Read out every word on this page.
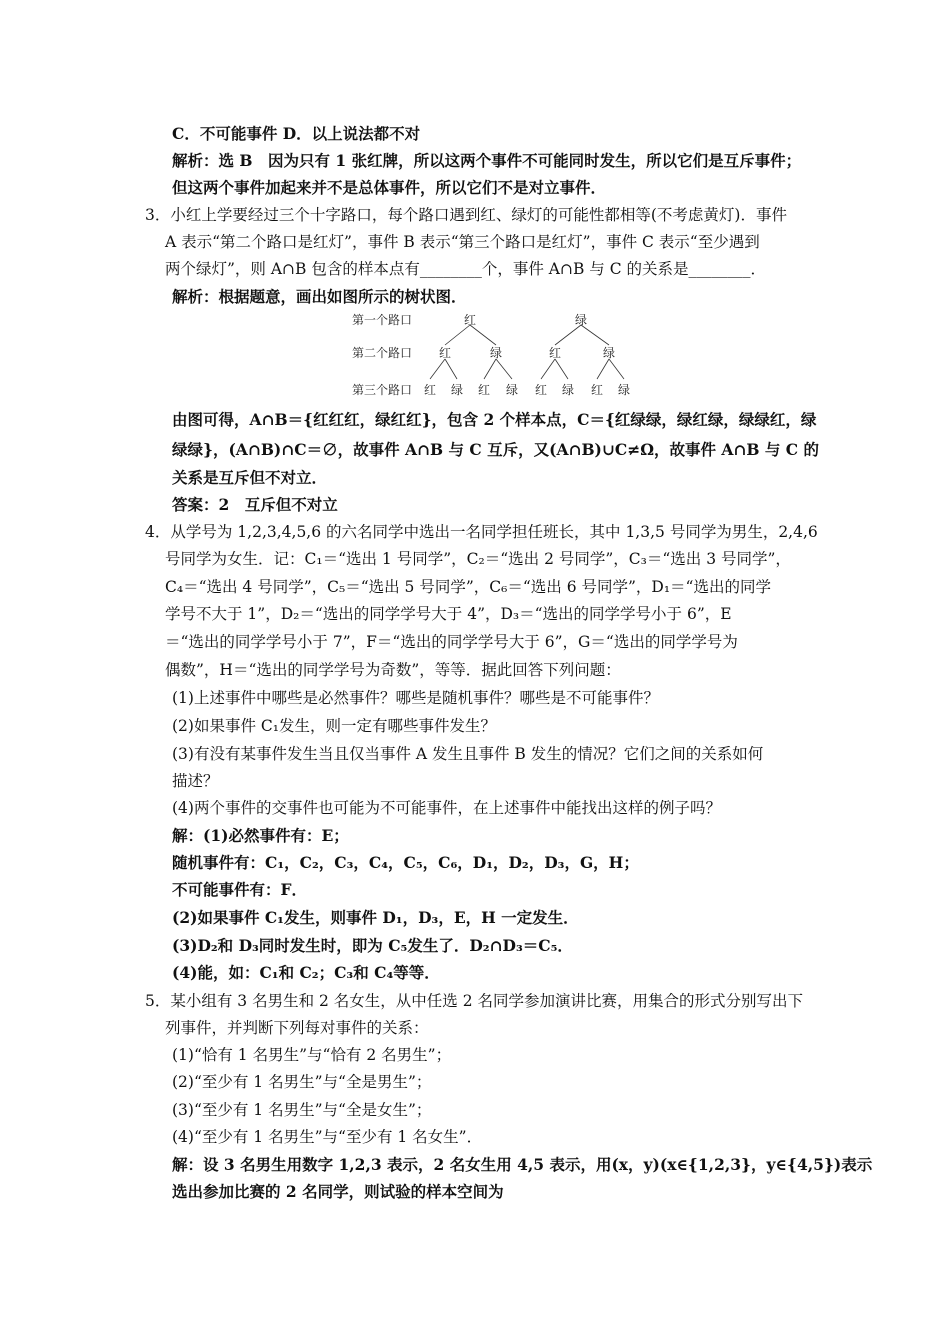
C．不可能事件 D．以上说法都不对
解析：选 B　因为只有 1 张红牌，所以这两个事件不可能同时发生，所以它们是互斥事件；
但这两个事件加起来并不是总体事件，所以它们不是对立事件．
3．小红上学要经过三个十字路口，每个路口遇到红、绿灯的可能性都相等(不考虑黄灯)．事件
A 表示“第二个路口是红灯”，事件 B 表示“第三个路口是红灯”，事件 C 表示“至少遇到
两个绿灯”，则 A∩B 包含的样本点有________个，事件 A∩B 与 C 的关系是________．
解析：根据题意，画出如图所示的树状图．
第一个路口
第二个路口
第三个路口
红	绿
红	绿	红	绿
红 绿 红 绿 红 绿 红 绿
由图可得，A∩B＝{红红红，绿红红}，包含 2 个样本点，C＝{红绿绿，绿红绿，绿绿红，绿
绿绿}，(A∩B)∩C＝∅，故事件 A∩B 与 C 互斥，又(A∩B)∪C≠Ω，故事件 A∩B 与 C 的
关系是互斥但不对立．
答案：2　互斥但不对立
4．从学号为 1,2,3,4,5,6 的六名同学中选出一名同学担任班长，其中 1,3,5 号同学为男生，2,4,6
号同学为女生．记：C₁＝“选出 1 号同学”，C₂＝“选出 2 号同学”，C₃＝“选出 3 号同学”，
C₄＝“选出 4 号同学”，C₅＝“选出 5 号同学”，C₆＝“选出 6 号同学”，D₁＝“选出的同学
学号不大于 1”，D₂＝“选出的同学学号大于 4”，D₃＝“选出的同学学号小于 6”，E
＝“选出的同学学号小于 7”，F＝“选出的同学学号大于 6”，G＝“选出的同学学号为
偶数”，H＝“选出的同学学号为奇数”，等等．据此回答下列问题：
(1)上述事件中哪些是必然事件？哪些是随机事件？哪些是不可能事件？
(2)如果事件 C₁发生，则一定有哪些事件发生？
(3)有没有某事件发生当且仅当事件 A 发生且事件 B 发生的情况？它们之间的关系如何
描述？
(4)两个事件的交事件也可能为不可能事件，在上述事件中能找出这样的例子吗？
解：(1)必然事件有：E；
随机事件有：C₁，C₂，C₃，C₄，C₅，C₆，D₁，D₂，D₃，G，H；
不可能事件有：F．
(2)如果事件 C₁发生，则事件 D₁，D₃，E，H 一定发生．
(3)D₂和 D₃同时发生时，即为 C₅发生了．D₂∩D₃＝C₅．
(4)能，如：C₁和 C₂；C₃和 C₄等等．
5．某小组有 3 名男生和 2 名女生，从中任选 2 名同学参加演讲比赛，用集合的形式分别写出下
列事件，并判断下列每对事件的关系：
(1)“恰有 1 名男生”与“恰有 2 名男生”；
(2)“至少有 1 名男生”与“全是男生”；
(3)“至少有 1 名男生”与“全是女生”；
(4)“至少有 1 名男生”与“至少有 1 名女生”．
解：设 3 名男生用数字 1,2,3 表示，2 名女生用 4,5 表示，用(x，y)(x∈{1,2,3}，y∈{4,5})表示
选出参加比赛的 2 名同学，则试验的样本空间为
